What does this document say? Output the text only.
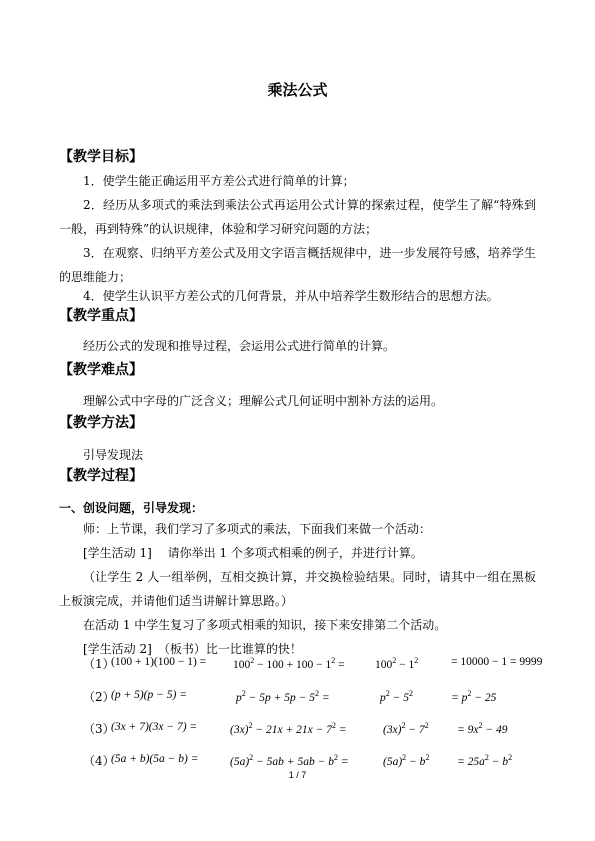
乘法公式
【教学目标】
1．使学生能正确运用平方差公式进行简单的计算；
2．经历从多项式的乘法到乘法公式再运用公式计算的探索过程，使学生了解“特殊到一般，再到特殊”的认识规律，体验和学习研究问题的方法；
3．在观察、归纳平方差公式及用文字语言概括规律中，进一步发展符号感，培养学生的思维能力；
4．使学生认识平方差公式的几何背景，并从中培养学生数形结合的思想方法。
【教学重点】
经历公式的发现和推导过程，会运用公式进行简单的计算。
【教学难点】
理解公式中字母的广泛含义；理解公式几何证明中割补方法的运用。
【教学方法】
引导发现法
【教学过程】
一、创设问题，引导发现：
师：上节课，我们学习了多项式的乘法，下面我们来做一个活动：
[学生活动 1]　 请你举出 1 个多项式相乘的例子，并进行计算。
（让学生 2 人一组举例，互相交换计算，并交换检验结果。同时，请其中一组在黑板上板演完成，并请他们适当讲解计算思路。）
在活动 1 中学生复习了多项式相乘的知识，接下来安排第二个活动。
[学生活动 2]　（板书）比一比谁算的快！
（1）
$(100 + 1)(100 - 1) = 100^2 - 100 + 100 - 1^2$ =	$100^2 - 1^2$	= 10000 − 1 = 9999
（2）
(p + 5)(p − 5) =	$p^2 - 5p + 5p - 5^2$ =	$p^2 - 5^2$	= $p^2 - 25$
（3）
(3x + 7)(3x − 7) =	$(3x)^2 - 21x + 21x - 7^2$ =	$(3x)^2 - 7^2 = 9x^2 - 49$
（4）
(5a + b)(5a − b) =	$(5a)^2 - 5ab + 5ab - b^2$ =	$(5a)^2 - b^2 = 25a^2 - b^2$
1 / 7
